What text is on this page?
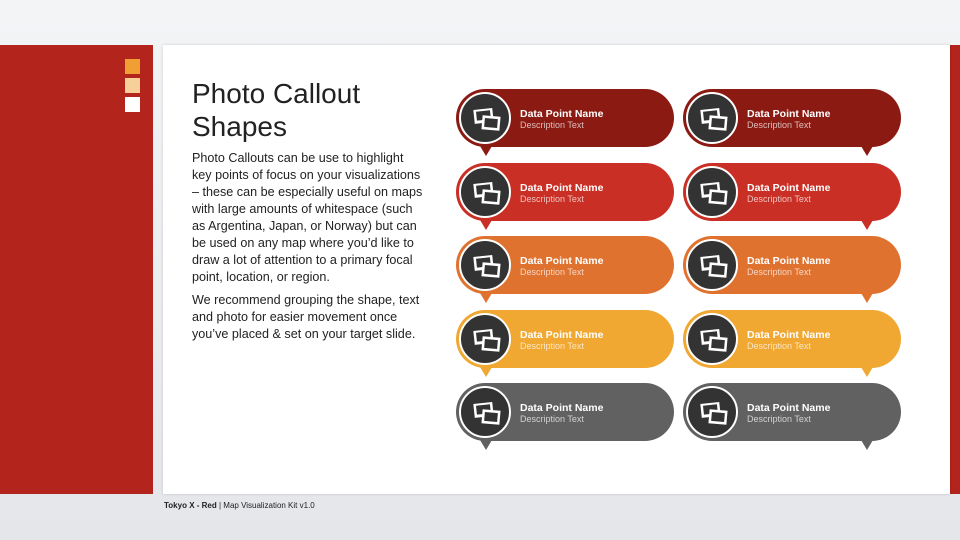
Photo Callout Shapes

Photo Callouts can be use to highlight key points of focus on your visualizations – these can be especially useful on maps with large amounts of whitespace (such as Argentina, Japan, or Norway) but can be used on any map where you’d like to draw a lot of attention to a primary focal point, location, or region.

We recommend grouping the shape, text and photo for easier movement once you’ve placed & set on your target slide.

Data Point Name
Description Text
Data Point Name
Description Text
Data Point Name
Description Text
Data Point Name
Description Text
Data Point Name
Description Text
Data Point Name
Description Text
Data Point Name
Description Text
Data Point Name
Description Text
Data Point Name
Description Text
Data Point Name
Description Text
Tokyo X - Red | Map Visualization Kit v1.0
